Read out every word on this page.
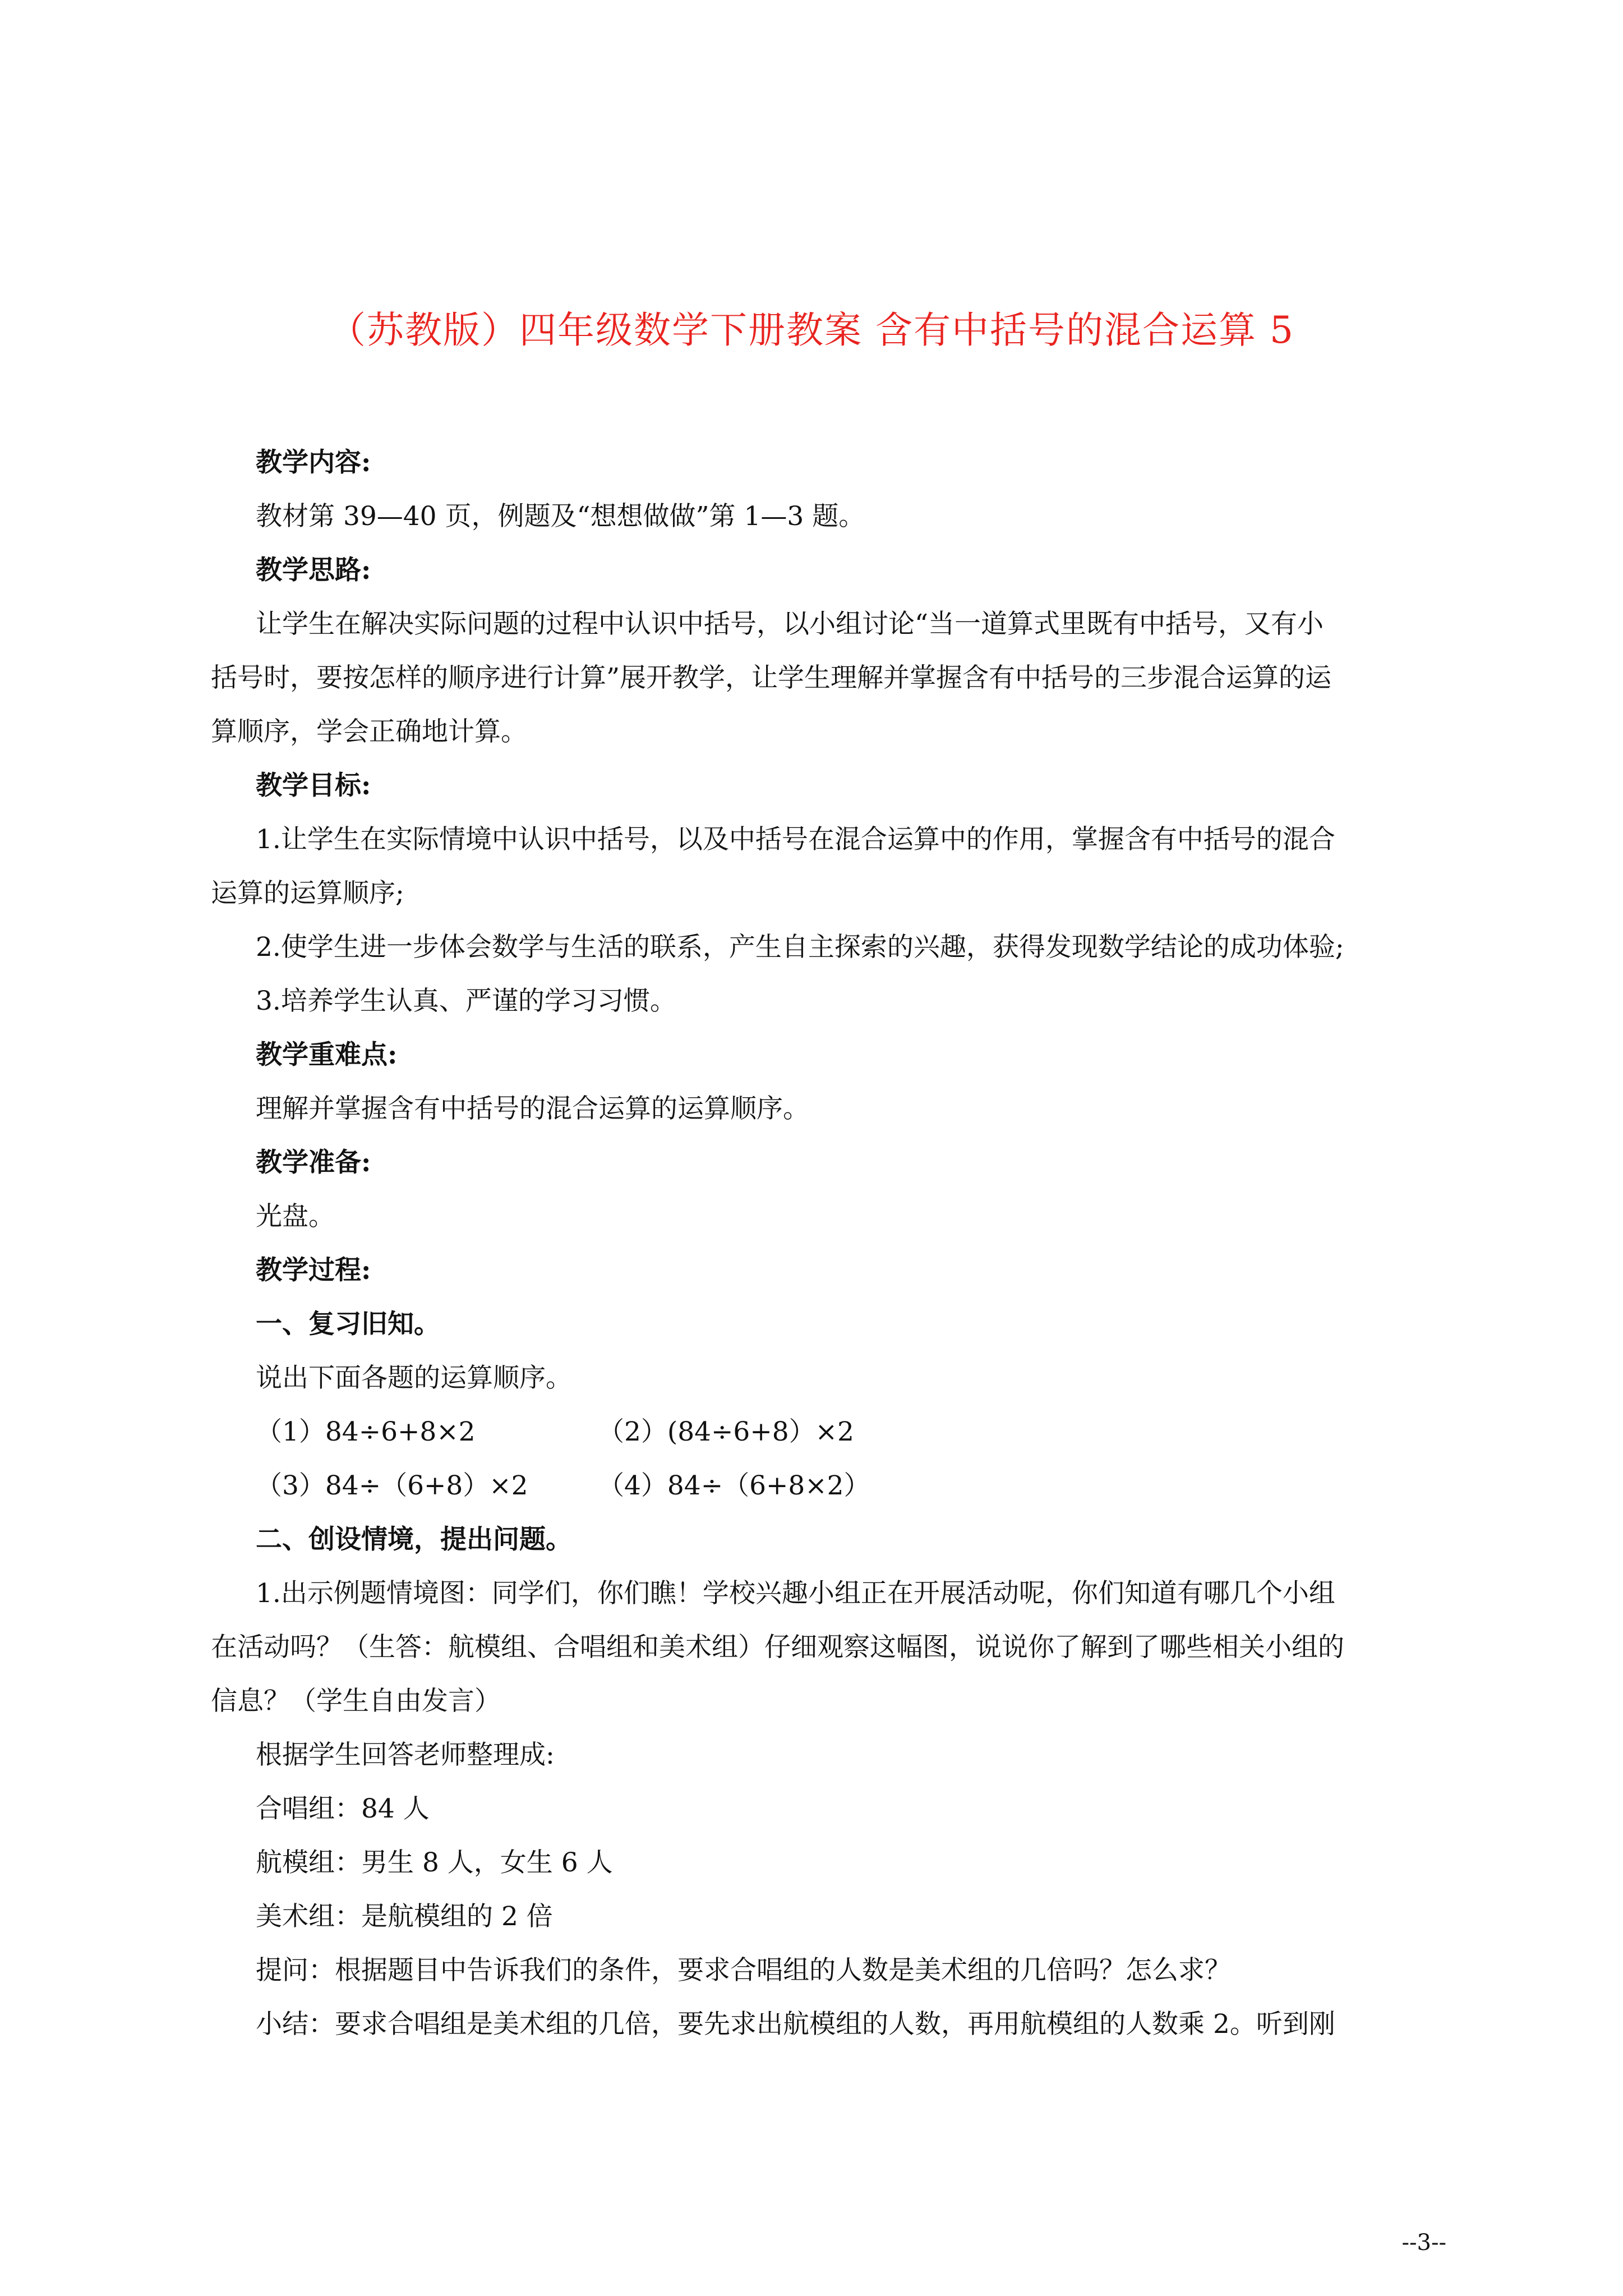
（苏教版）四年级数学下册教案 含有中括号的混合运算 5
教学内容:
教材第 39—40 页，例题及“想想做做”第 1—3 题。
教学思路:
让学生在解决实际问题的过程中认识中括号，以小组讨论“当一道算式里既有中括号，又有小
括号时，要按怎样的顺序进行计算”展开教学，让学生理解并掌握含有中括号的三步混合运算的运
算顺序，学会正确地计算。
教学目标:
1.让学生在实际情境中认识中括号，以及中括号在混合运算中的作用，掌握含有中括号的混合
运算的运算顺序;
2.使学生进一步体会数学与生活的联系，产生自主探索的兴趣，获得发现数学结论的成功体验;
3.培养学生认真、严谨的学习习惯。
教学重难点:
理解并掌握含有中括号的混合运算的运算顺序。
教学准备:
光盘。
教学过程:
一、复习旧知。
说出下面各题的运算顺序。
（1）84÷6+8×2	（2）(84÷6+8）×2
（3）84÷（6+8）×2	（4）84÷（6+8×2）
二、创设情境，提出问题。
1.出示例题情境图：同学们，你们瞧！学校兴趣小组正在开展活动呢，你们知道有哪几个小组
在活动吗？（生答：航模组、合唱组和美术组）仔细观察这幅图，说说你了解到了哪些相关小组的
信息？（学生自由发言）
根据学生回答老师整理成:
合唱组：84 人
航模组：男生 8 人，女生 6 人
美术组：是航模组的 2 倍
提问：根据题目中告诉我们的条件，要求合唱组的人数是美术组的几倍吗？怎么求？
小结：要求合唱组是美术组的几倍，要先求出航模组的人数，再用航模组的人数乘 2。听到刚
--3--
